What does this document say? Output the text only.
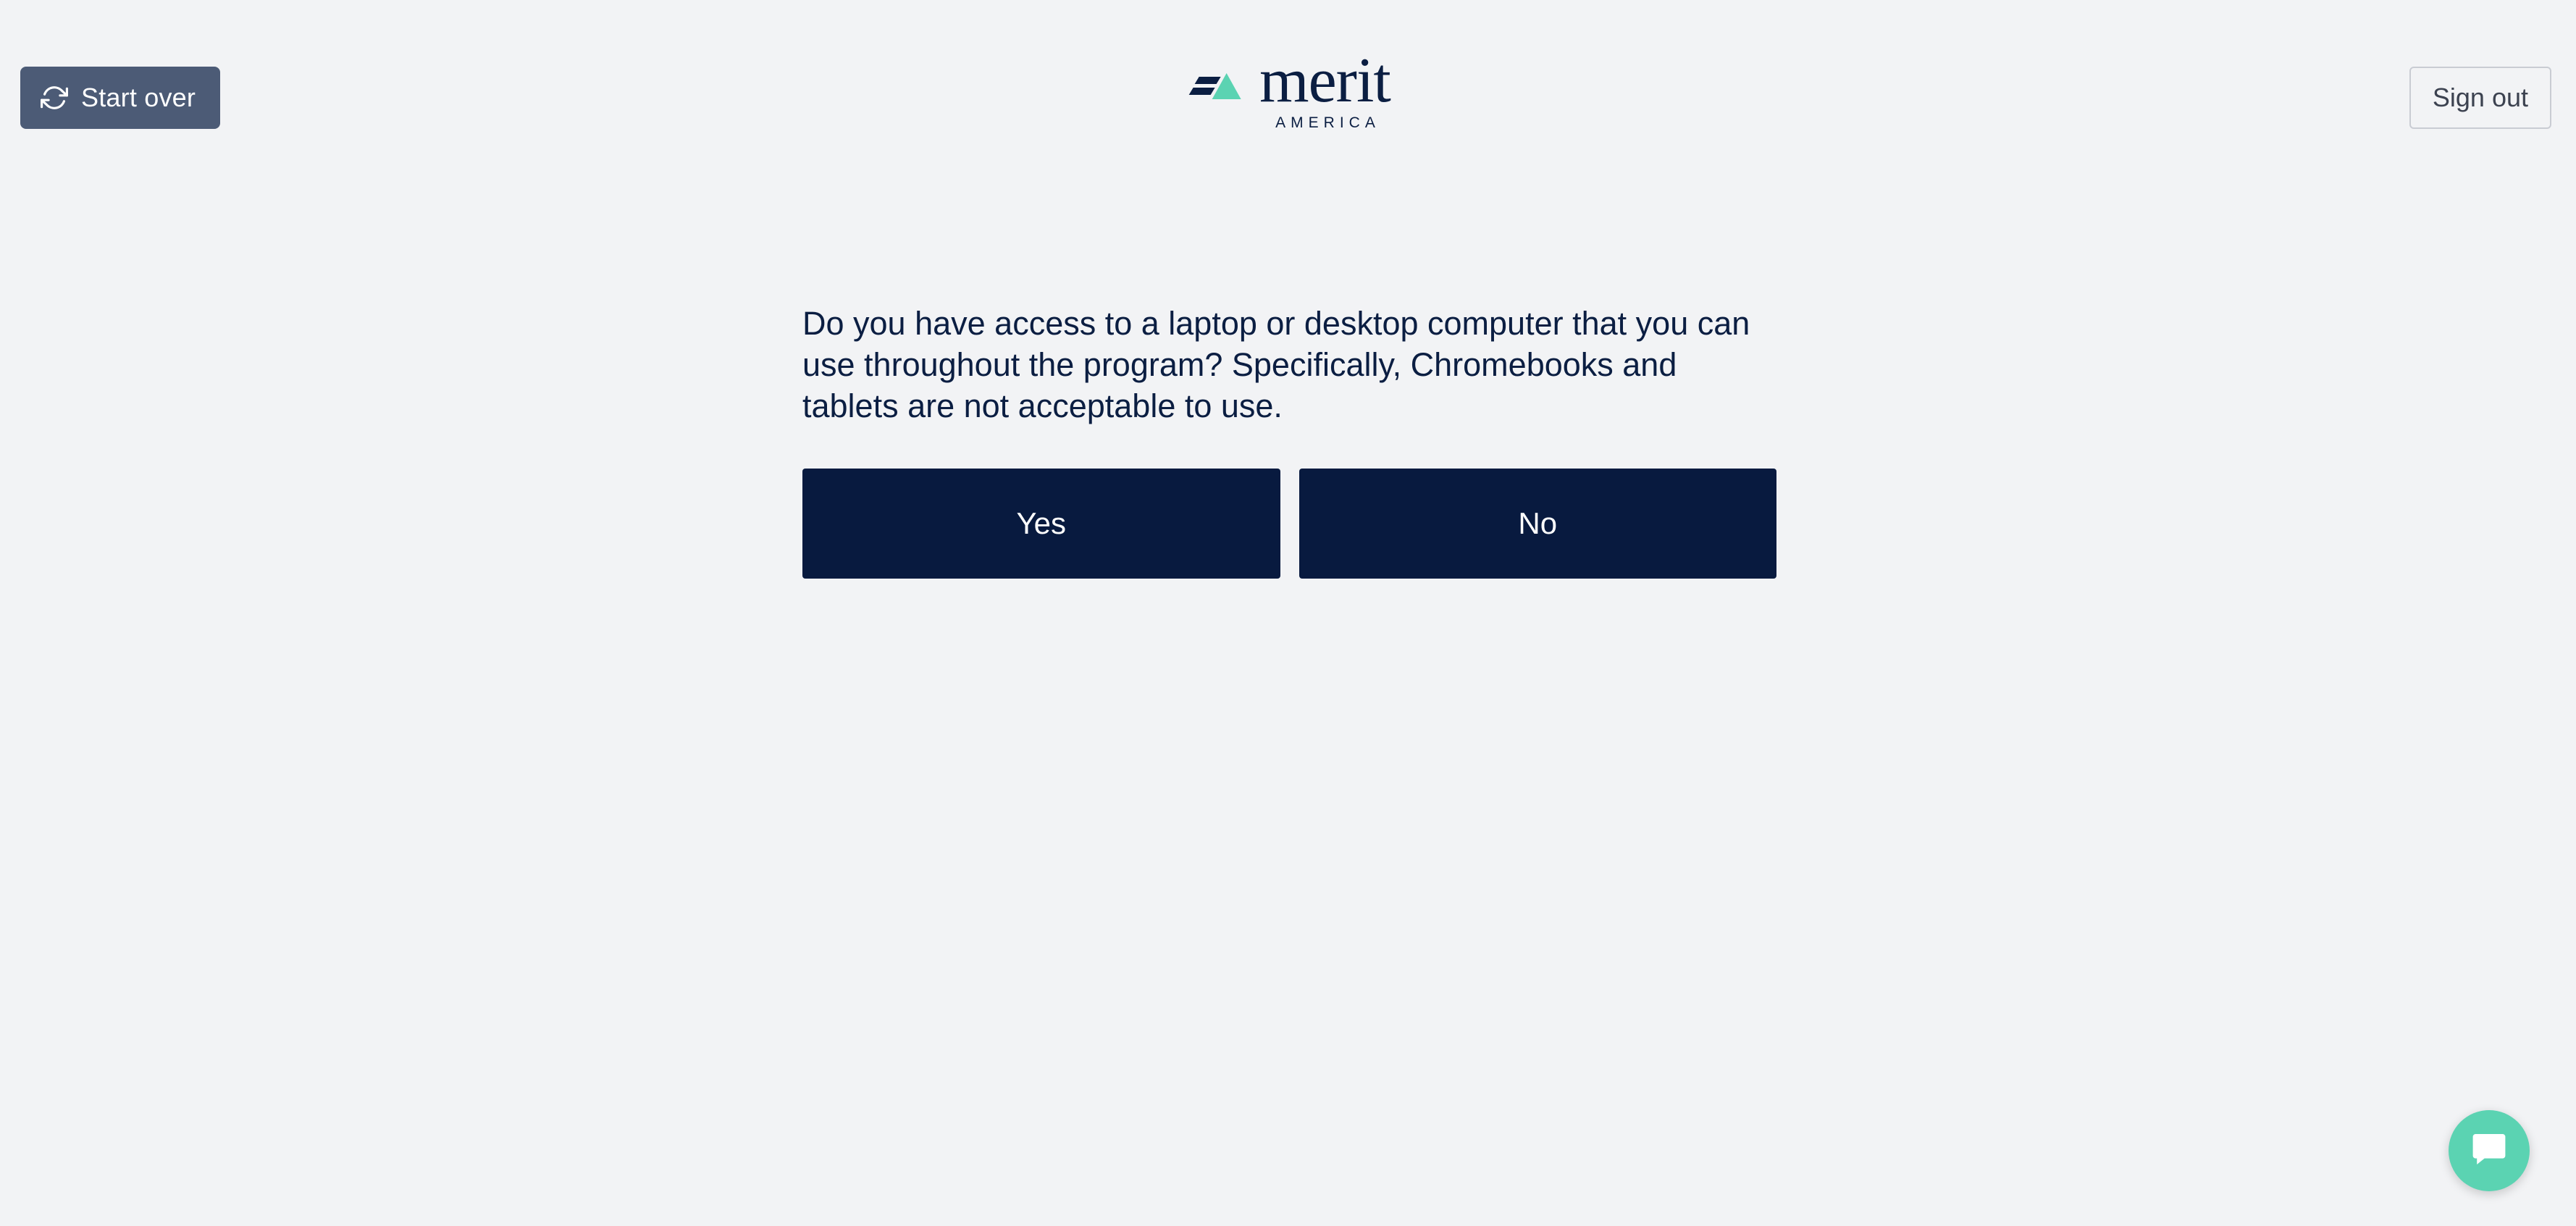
Start over	merit
AMERICA
Sign out

Do you have access to a laptop or desktop computer that you can use throughout the program? Specifically, Chromebooks and tablets are not acceptable to use.

Yes	No
